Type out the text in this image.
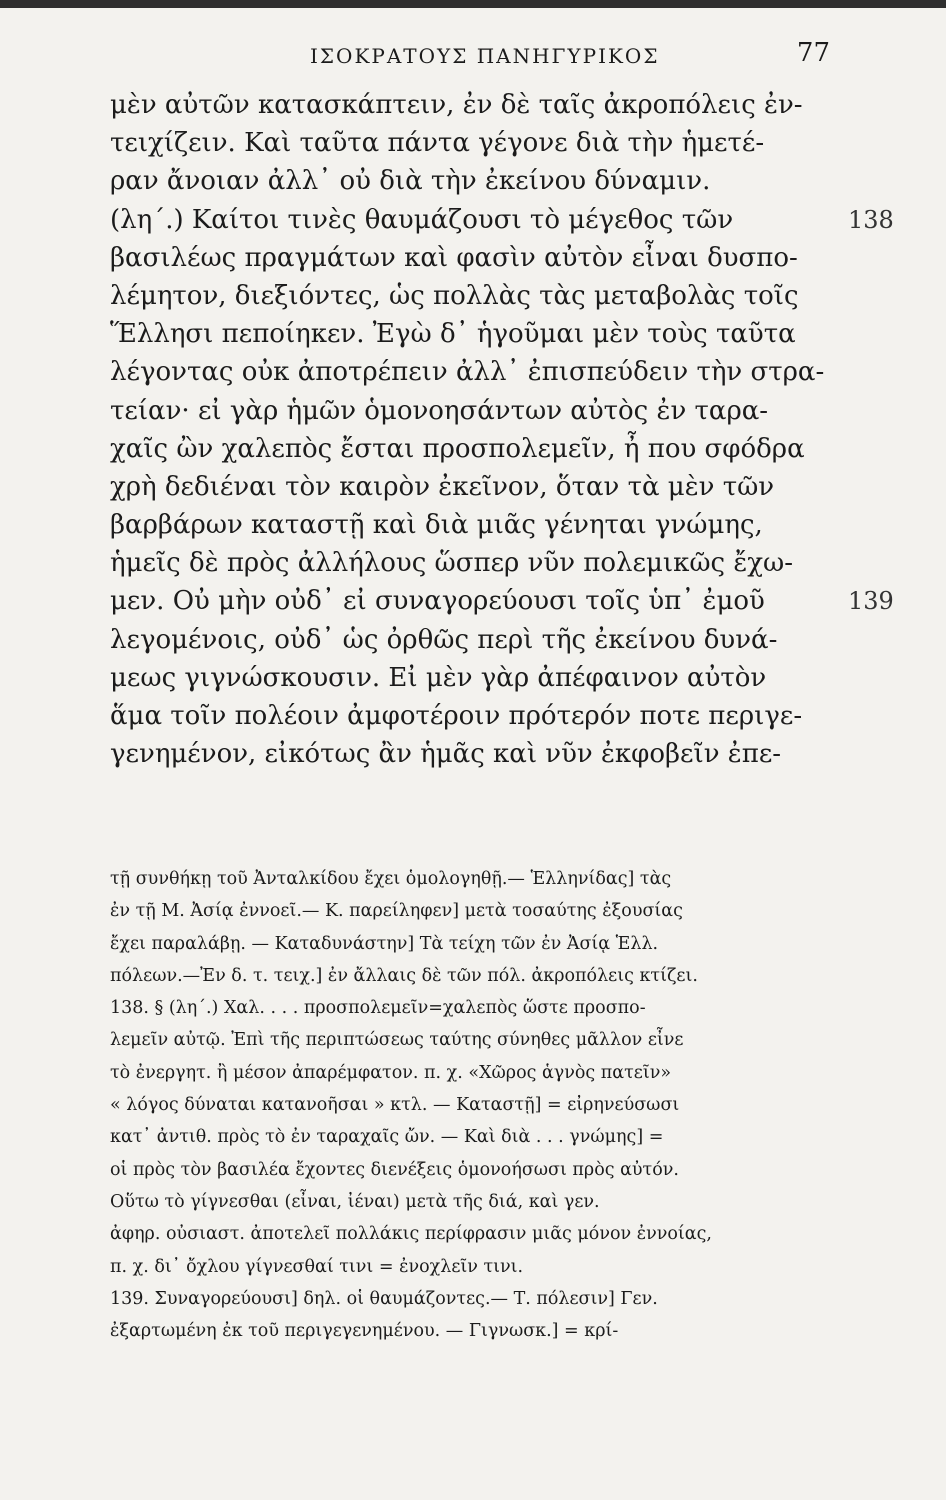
ΙΣΟΚΡΑΤΟΥΣ ΠΑΝΗΓΥΡΙΚΟΣ	77
μὲν αὐτῶν κατασκάπτειν, ἐν δὲ ταῖς ἀκροπόλεις ἐν-
τειχίζειν. Καὶ ταῦτα πάντα γέγονε διὰ τὴν ἡμετέ-
ραν ἄνοιαν ἀλλ᾽ οὐ διὰ τὴν ἐκείνου δύναμιν.
(λη΄.) Καίτοι τινὲς θαυμάζουσι τὸ μέγεθος τῶν	138
βασιλέως πραγμάτων καὶ φασὶν αὐτὸν εἶναι δυσπο-
λέμητον, διεξιόντες, ὡς πολλὰς τὰς μεταβολὰς τοῖς
Ἕλλησι πεποίηκεν. Ἐγὼ δ᾽ ἡγοῦμαι μὲν τοὺς ταῦτα
λέγοντας οὐκ ἀποτρέπειν ἀλλ᾽ ἐπισπεύδειν τὴν στρα-
τείαν· εἰ γὰρ ἡμῶν ὁμονοησάντων αὐτὸς ἐν ταρα-
χαῖς ὢν χαλεπὸς ἔσται προσπολεμεῖν, ἦ που σφόδρα
χρὴ δεδιέναι τὸν καιρὸν ἐκεῖνον, ὅταν τὰ μὲν τῶν
βαρβάρων καταστῇ καὶ διὰ μιᾶς γένηται γνώμης,
ἡμεῖς δὲ πρὸς ἀλλήλους ὥσπερ νῦν πολεμικῶς ἔχω-
μεν. Οὐ μὴν οὐδ᾽ εἰ συναγορεύουσι τοῖς ὑπ᾽ ἐμοῦ	139
λεγομένοις, οὐδ᾽ ὡς ὀρθῶς περὶ τῆς ἐκείνου δυνά-
μεως γιγνώσκουσιν. Εἰ μὲν γὰρ ἀπέφαινον αὐτὸν
ἅμα τοῖν πολέοιν ἀμφοτέροιν πρότερόν ποτε περιγε-
γενημένον, εἰκότως ἂν ἡμᾶς καὶ νῦν ἐκφοβεῖν ἐπε-
τῇ συνθήκῃ τοῦ Ἀνταλκίδου ἔχει ὁμολογηθῇ.— Ἑλληνίδας] τὰς
ἐν τῇ Μ. Ἀσίᾳ ἐννοεῖ.— Κ. παρείληφεν] μετὰ τοσαύτης ἐξουσίας
ἔχει παραλάβῃ. — Καταδυνάστην] Τὰ τείχη τῶν ἐν Ἀσίᾳ Ἑλλ.
πόλεων.—Ἐν δ. τ. τειχ.] ἐν ἄλλαις δὲ τῶν πόλ. ἀκροπόλεις κτίζει.
138. § (λη΄.) Χαλ. . . . προσπολεμεῖν=χαλεπὸς ὥστε προσπο-
λεμεῖν αὐτῷ. Ἐπὶ τῆς περιπτώσεως ταύτης σύνηθες μᾶλλον εἶνε
τὸ ἐνεργητ. ἢ μέσον ἀπαρέμφατον. π. χ. «Χῶρος ἁγνὸς πατεῖν»
« λόγος δύναται κατανοῆσαι » κτλ. — Καταστῇ] = εἰρηνεύσωσι
κατ᾽ ἀντιθ. πρὸς τὸ ἐν ταραχαῖς ὤν. — Καὶ διὰ . . . γνώμης] =
οἱ πρὸς τὸν βασιλέα ἔχοντες διενέξεις ὁμονοήσωσι πρὸς αὐτόν.
Οὕτω τὸ γίγνεσθαι (εἶναι, ἰέναι) μετὰ τῆς διά, καὶ γεν.
ἀφηρ. οὐσιαστ. ἀποτελεῖ πολλάκις περίφρασιν μιᾶς μόνον ἐννοίας,
π. χ. δι᾽ ὄχλου γίγνεσθαί τινι = ἐνοχλεῖν τινι.
139. Συναγορεύουσι] δηλ. οἱ θαυμάζοντες.— Τ. πόλεσιν] Γεν.
ἐξαρτωμένη ἐκ τοῦ περιγεγενημένου. — Γιγνωσκ.] = κρί-
